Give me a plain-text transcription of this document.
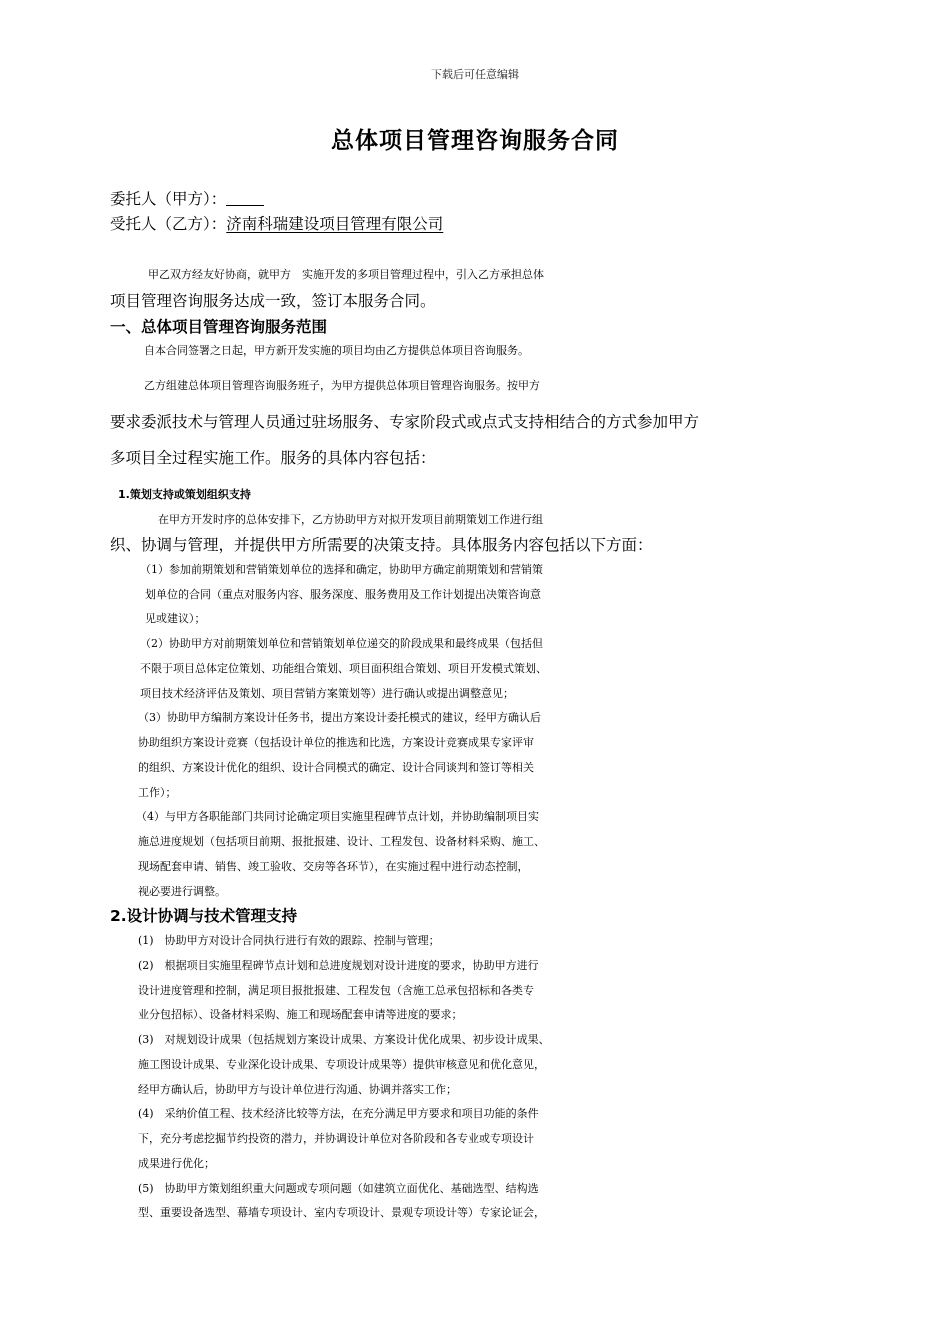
下载后可任意编辑
总体项目管理咨询服务合同
委托人（甲方）：
受托人（乙方）：济南科瑞建设项目管理有限公司
甲乙双方经友好协商，就甲方　实施开发的多项目管理过程中，引入乙方承担总体
项目管理咨询服务达成一致，签订本服务合同。
一、总体项目管理咨询服务范围
自本合同签署之日起，甲方新开发实施的项目均由乙方提供总体项目咨询服务。
乙方组建总体项目管理咨询服务班子，为甲方提供总体项目管理咨询服务。按甲方
要求委派技术与管理人员通过驻场服务、专家阶段式或点式支持相结合的方式参加甲方
多项目全过程实施工作。服务的具体内容包括：
1.策划支持或策划组织支持
在甲方开发时序的总体安排下，乙方协助甲方对拟开发项目前期策划工作进行组
织、协调与管理，并提供甲方所需要的决策支持。具体服务内容包括以下方面：
（1）参加前期策划和营销策划单位的选择和确定，协助甲方确定前期策划和营销策
划单位的合同（重点对服务内容、服务深度、服务费用及工作计划提出决策咨询意
见或建议）；
（2）协助甲方对前期策划单位和营销策划单位递交的阶段成果和最终成果（包括但
不限于项目总体定位策划、功能组合策划、项目面积组合策划、项目开发模式策划、
项目技术经济评估及策划、项目营销方案策划等）进行确认或提出调整意见；
（3）协助甲方编制方案设计任务书，提出方案设计委托模式的建议，经甲方确认后
协助组织方案设计竞赛（包括设计单位的推选和比选，方案设计竞赛成果专家评审
的组织、方案设计优化的组织、设计合同模式的确定、设计合同谈判和签订等相关
工作）；
（4）与甲方各职能部门共同讨论确定项目实施里程碑节点计划，并协助编制项目实
施总进度规划（包括项目前期、报批报建、设计、工程发包、设备材料采购、施工、
现场配套申请、销售、竣工验收、交房等各环节），在实施过程中进行动态控制，
视必要进行调整。
2.设计协调与技术管理支持
(1)　协助甲方对设计合同执行进行有效的跟踪、控制与管理；
(2)　根据项目实施里程碑节点计划和总进度规划对设计进度的要求，协助甲方进行
设计进度管理和控制，满足项目报批报建、工程发包（含施工总承包招标和各类专
业分包招标）、设备材料采购、施工和现场配套申请等进度的要求；
(3)　对规划设计成果（包括规划方案设计成果、方案设计优化成果、初步设计成果、
施工图设计成果、专业深化设计成果、专项设计成果等）提供审核意见和优化意见，
经甲方确认后，协助甲方与设计单位进行沟通、协调并落实工作；
(4)　采纳价值工程、技术经济比较等方法，在充分满足甲方要求和项目功能的条件
下，充分考虑挖掘节约投资的潜力，并协调设计单位对各阶段和各专业或专项设计
成果进行优化；
(5)　协助甲方策划组织重大问题或专项问题（如建筑立面优化、基础选型、结构选
型、重要设备选型、幕墙专项设计、室内专项设计、景观专项设计等）专家论证会，
